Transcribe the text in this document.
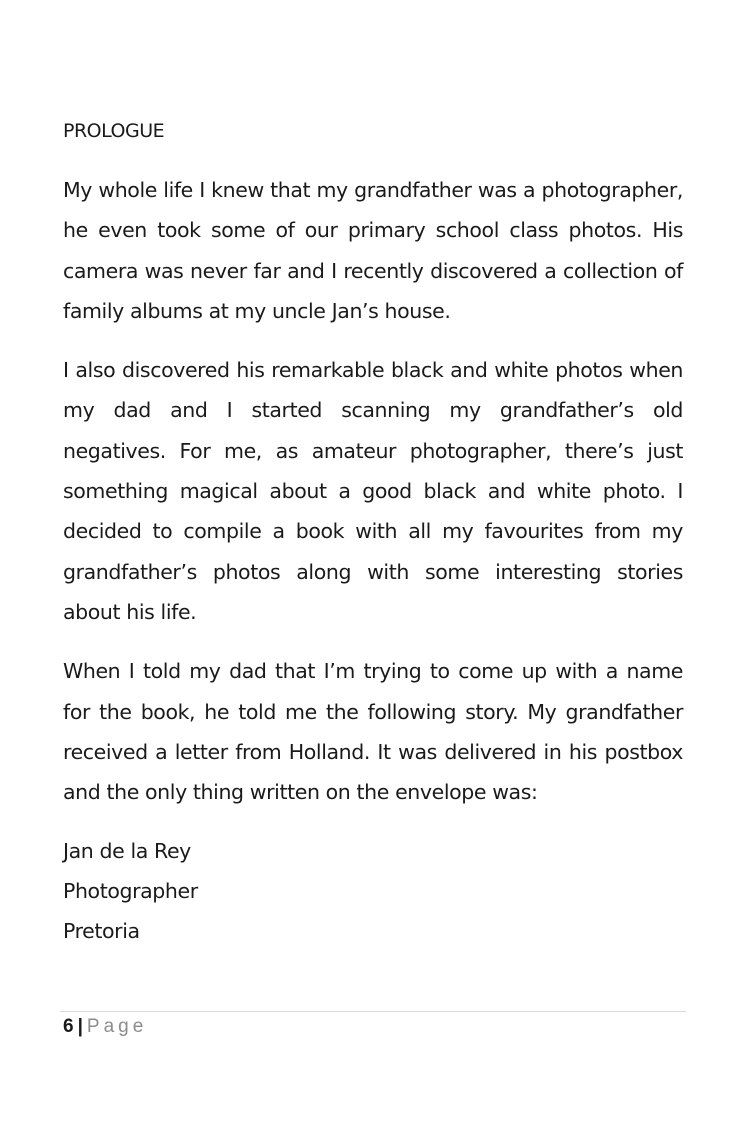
PROLOGUE

My whole life I knew that my grandfather was a photographer, he even took some of our primary school class photos. His camera was never far and I recently discovered a collection of family albums at my uncle Jan’s house.

I also discovered his remarkable black and white photos when my dad and I started scanning my grandfather’s old negatives. For me, as amateur photographer, there’s just something magical about a good black and white photo. I decided to compile a book with all my favourites from my grandfather’s photos along with some interesting stories about his life.

When I told my dad that I’m trying to come up with a name for the book, he told me the following story. My grandfather received a letter from Holland. It was delivered in his postbox and the only thing written on the envelope was:

Jan de la Rey

Photographer

Pretoria

6 | Page
